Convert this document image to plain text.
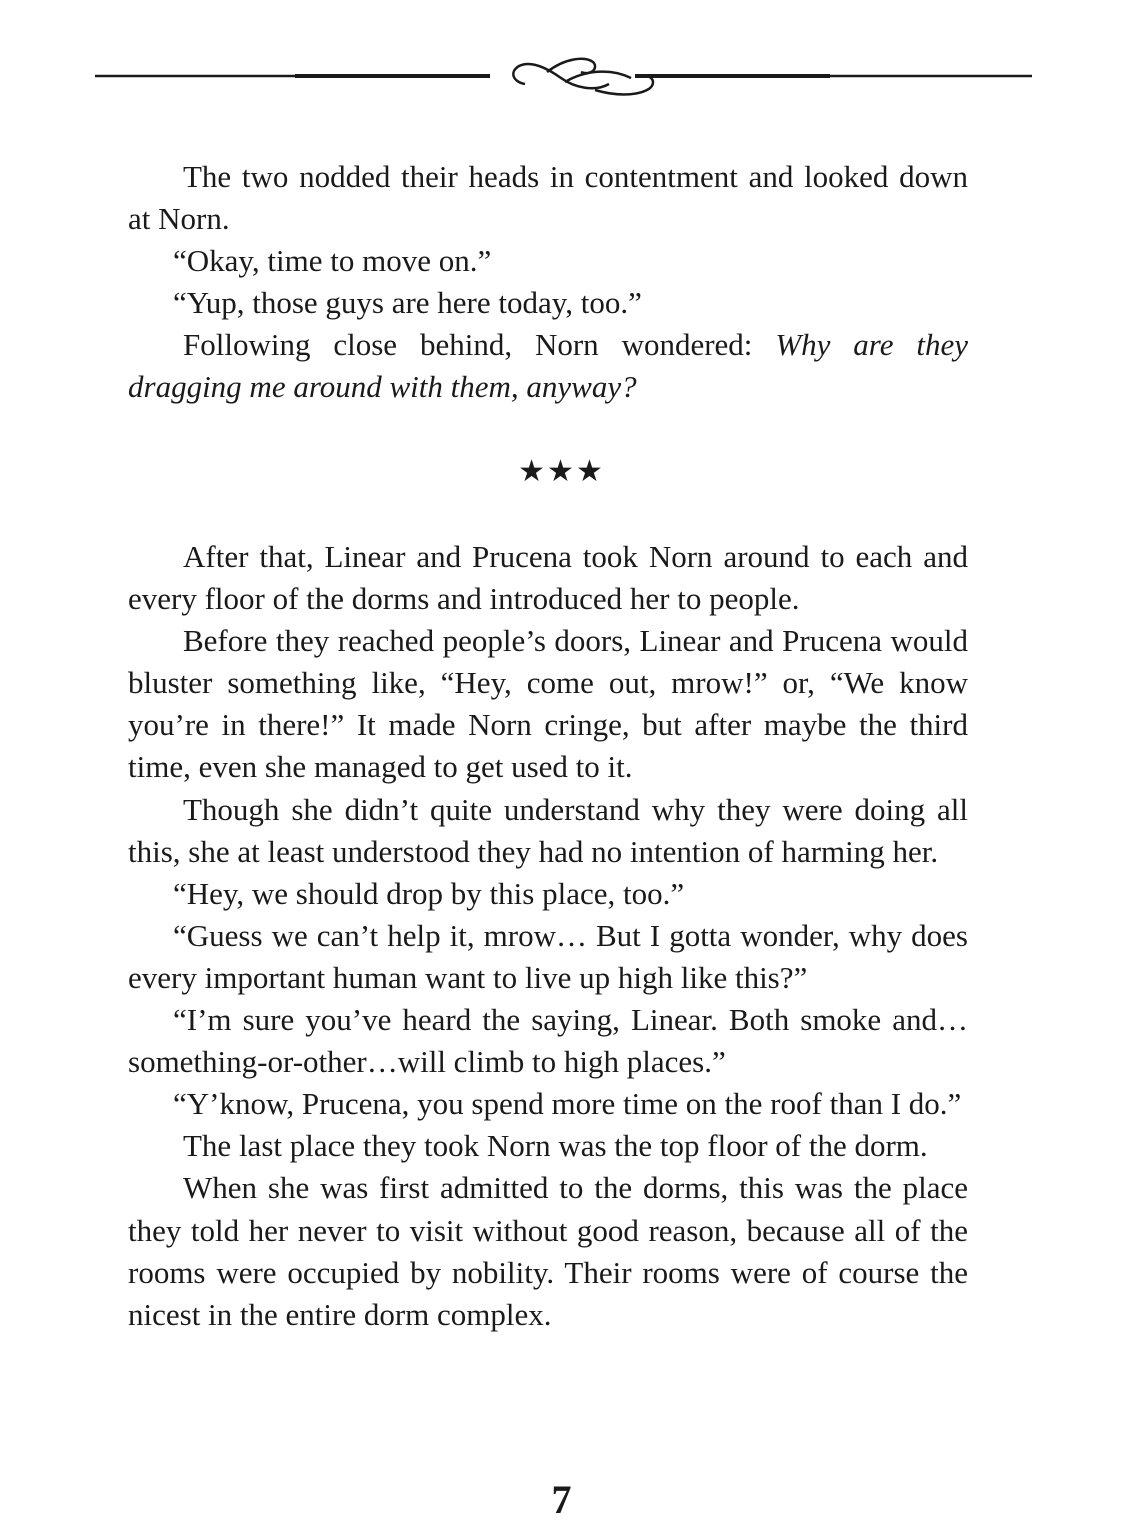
The two nodded their heads in contentment and looked down at Norn.

“Okay, time to move on.”

“Yup, those guys are here today, too.”

Following close behind, Norn wondered: Why are they dragging me around with them, anyway?

★★★

After that, Linear and Prucena took Norn around to each and every floor of the dorms and introduced her to people.

Before they reached people’s doors, Linear and Prucena would bluster something like, “Hey, come out, mrow!” or, “We know you’re in there!” It made Norn cringe, but after maybe the third time, even she managed to get used to it.

Though she didn’t quite understand why they were doing all this, she at least understood they had no intention of harming her.

“Hey, we should drop by this place, too.”

“Guess we can’t help it, mrow… But I gotta wonder, why does every important human want to live up high like this?”

“I’m sure you’ve heard the saying, Linear. Both smoke and…something-or-other…will climb to high places.”

“Y’know, Prucena, you spend more time on the roof than I do.”

The last place they took Norn was the top floor of the dorm.

When she was first admitted to the dorms, this was the place they told her never to visit without good reason, because all of the rooms were occupied by nobility. Their rooms were of course the nicest in the entire dorm complex.

7
